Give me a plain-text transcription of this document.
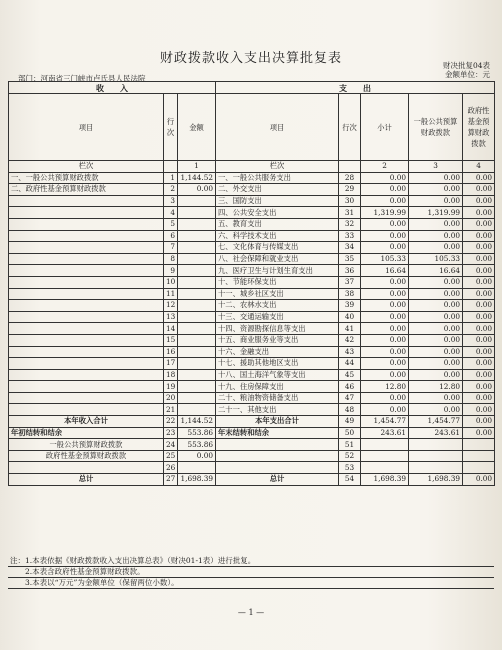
财政拨款收入支出决算批复表	财决批复04表
金额单位：元
部门：河南省三门峡市卢氏县人民法院
收　　入			支　　出				
项目	行次	金额	项目	行次	小计	一般公共预算财政拨款	政府性基金预算财政拨款
栏次		1	栏次		2	3	4
一、一般公共预算财政拨款	1	1,144.52	一、一般公共服务支出	28	0.00	0.00	0.00
二、政府性基金预算财政拨款	2	0.00	二、外交支出	29	0.00	0.00	0.00
	3		三、国防支出	30	0.00	0.00	0.00
	4		四、公共安全支出	31	1,319.99	1,319.99	0.00
	5		五、教育支出	32	0.00	0.00	0.00
	6		六、科学技术支出	33	0.00	0.00	0.00
	7		七、文化体育与传媒支出	34	0.00	0.00	0.00
	8		八、社会保障和就业支出	35	105.33	105.33	0.00
	9		九、医疗卫生与计划生育支出	36	16.64	16.64	0.00
	10		十、节能环保支出	37	0.00	0.00	0.00
	11		十一、城乡社区支出	38	0.00	0.00	0.00
	12		十二、农林水支出	39	0.00	0.00	0.00
	13		十三、交通运输支出	40	0.00	0.00	0.00
	14		十四、资源勘探信息等支出	41	0.00	0.00	0.00
	15		十五、商业服务业等支出	42	0.00	0.00	0.00
	16		十六、金融支出	43	0.00	0.00	0.00
	17		十七、援助其他地区支出	44	0.00	0.00	0.00
	18		十八、国土海洋气象等支出	45	0.00	0.00	0.00
	19		十九、住房保障支出	46	12.80	12.80	0.00
	20		二十、粮油物资储备支出	47	0.00	0.00	0.00
	21		二十一、其他支出	48	0.00	0.00	0.00
本年收入合计	22	1,144.52	本年支出合计	49	1,454.77	1,454.77	0.00
年初结转和结余	23	553.86	年末结转和结余	50	243.61	243.61	0.00
一般公共预算财政拨款	24	553.86		51			
政府性基金预算财政拨款	25	0.00		52			
	26			53			
总计	27	1,698.39	总计	54	1,698.39	1,698.39	0.00
注：1.本表依据《财政拨款收入支出决算总表》（财决01-1表）进行批复。
　　2.本表含政府性基金预算财政拨款。
　　3.本表以“万元”为金额单位（保留两位小数）。
— 1 —
